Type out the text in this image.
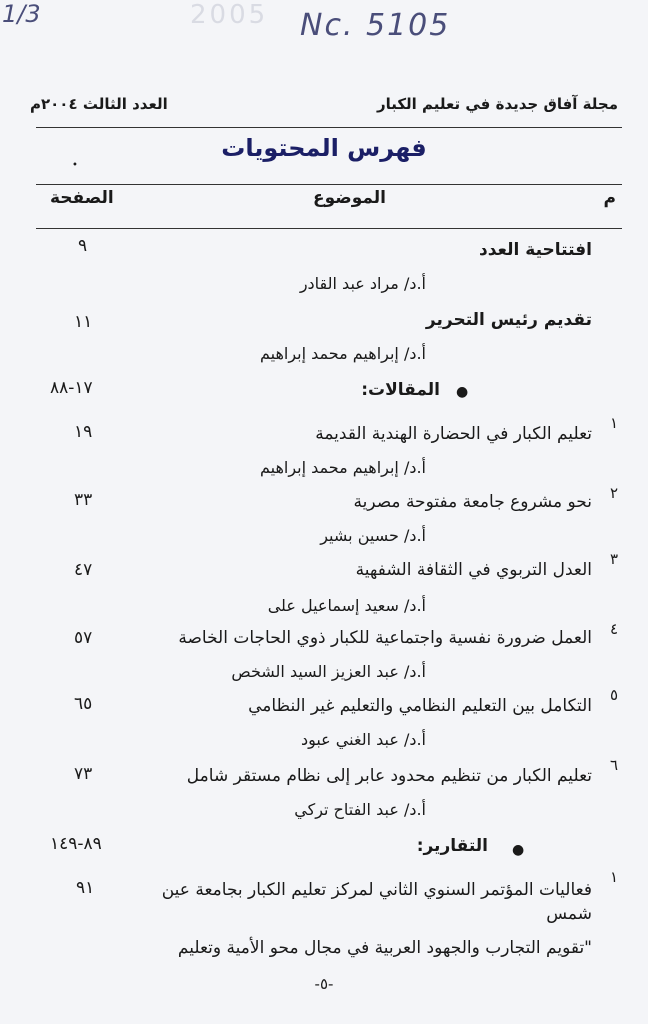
2005
1/3	Nc. 5105
مجلة آفاق جديدة في تعليم الكبار
العدد الثالث ٢٠٠٤م
فهرس المحتويات
•
م
الموضوع
الصفحة
افتتاحية العدد
٩
أ.د/ مراد عبد القادر
تقديم رئيس التحرير
١١
أ.د/ إبراهيم محمد إبراهيم
●
المقالات:
١٧-٨٨
١
تعليم الكبار في الحضارة الهندية القديمة
١٩
أ.د/ إبراهيم محمد إبراهيم
٢
نحو مشروع جامعة مفتوحة مصرية
٣٣
أ.د/ حسين بشير
٣
العدل التربوي في الثقافة الشفهية
٤٧
أ.د/ سعيد إسماعيل على
٤
العمل ضرورة نفسية واجتماعية للكبار ذوي الحاجات الخاصة
٥٧
أ.د/ عبد العزيز السيد الشخص
٥
التكامل بين التعليم النظامي والتعليم غير النظامي
٦٥
أ.د/ عبد الغني عبود
٦
تعليم الكبار من تنظيم محدود عابر إلى نظام مستقر شامل
٧٣
أ.د/ عبد الفتاح تركي
●
التقارير:
٨٩-١٤٩
١
فعاليات المؤتمر السنوي الثاني لمركز تعليم الكبار بجامعة عين شمس
٩١
"تقويم التجارب والجهود العربية في مجال محو الأمية وتعليم
-٥-
